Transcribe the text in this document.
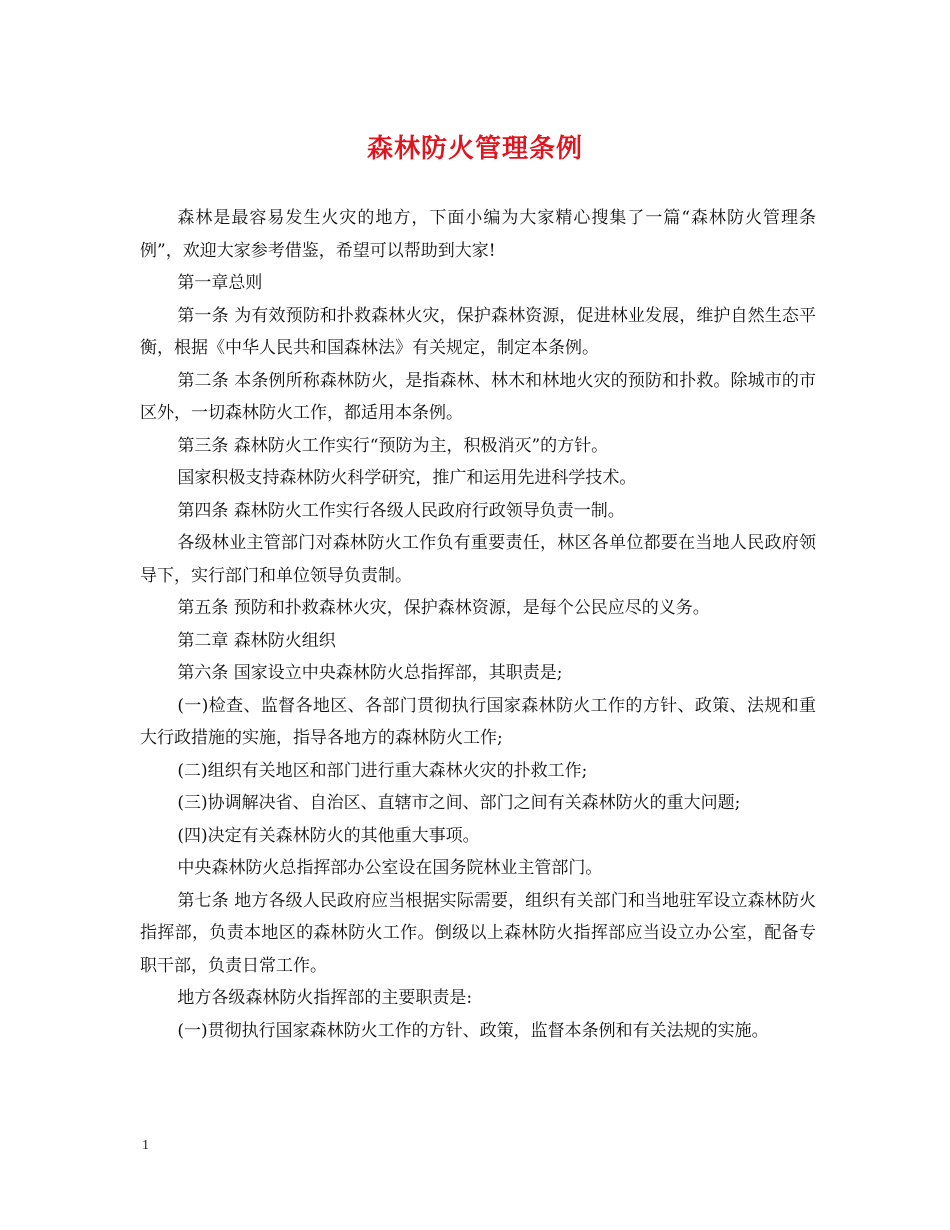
森林防火管理条例

森林是最容易发生火灾的地方，下面小编为大家精心搜集了一篇“森林防火管理条例”，欢迎大家参考借鉴，希望可以帮助到大家!

第一章总则

第一条 为有效预防和扑救森林火灾，保护森林资源，促进林业发展，维护自然生态平衡，根据《中华人民共和国森林法》有关规定，制定本条例。

第二条 本条例所称森林防火，是指森林、林木和林地火灾的预防和扑救。除城市的市区外，一切森林防火工作，都适用本条例。

第三条 森林防火工作实行“预防为主，积极消灭”的方针。

国家积极支持森林防火科学研究，推广和运用先进科学技术。

第四条 森林防火工作实行各级人民政府行政领导负责一制。

各级林业主管部门对森林防火工作负有重要责任，林区各单位都要在当地人民政府领导下，实行部门和单位领导负责制。

第五条 预防和扑救森林火灾，保护森林资源，是每个公民应尽的义务。

第二章 森林防火组织

第六条 国家设立中央森林防火总指挥部，其职责是;

(一)检查、监督各地区、各部门贯彻执行国家森林防火工作的方针、政策、法规和重大行政措施的实施，指导各地方的森林防火工作;

(二)组织有关地区和部门进行重大森林火灾的扑救工作;

(三)协调解决省、自治区、直辖市之间、部门之间有关森林防火的重大问题;

(四)决定有关森林防火的其他重大事项。

中央森林防火总指挥部办公室设在国务院林业主管部门。

第七条 地方各级人民政府应当根据实际需要，组织有关部门和当地驻军设立森林防火指挥部，负责本地区的森林防火工作。倒级以上森林防火指挥部应当设立办公室，配备专职干部，负责日常工作。

地方各级森林防火指挥部的主要职责是:

(一)贯彻执行国家森林防火工作的方针、政策，监督本条例和有关法规的实施。

1
